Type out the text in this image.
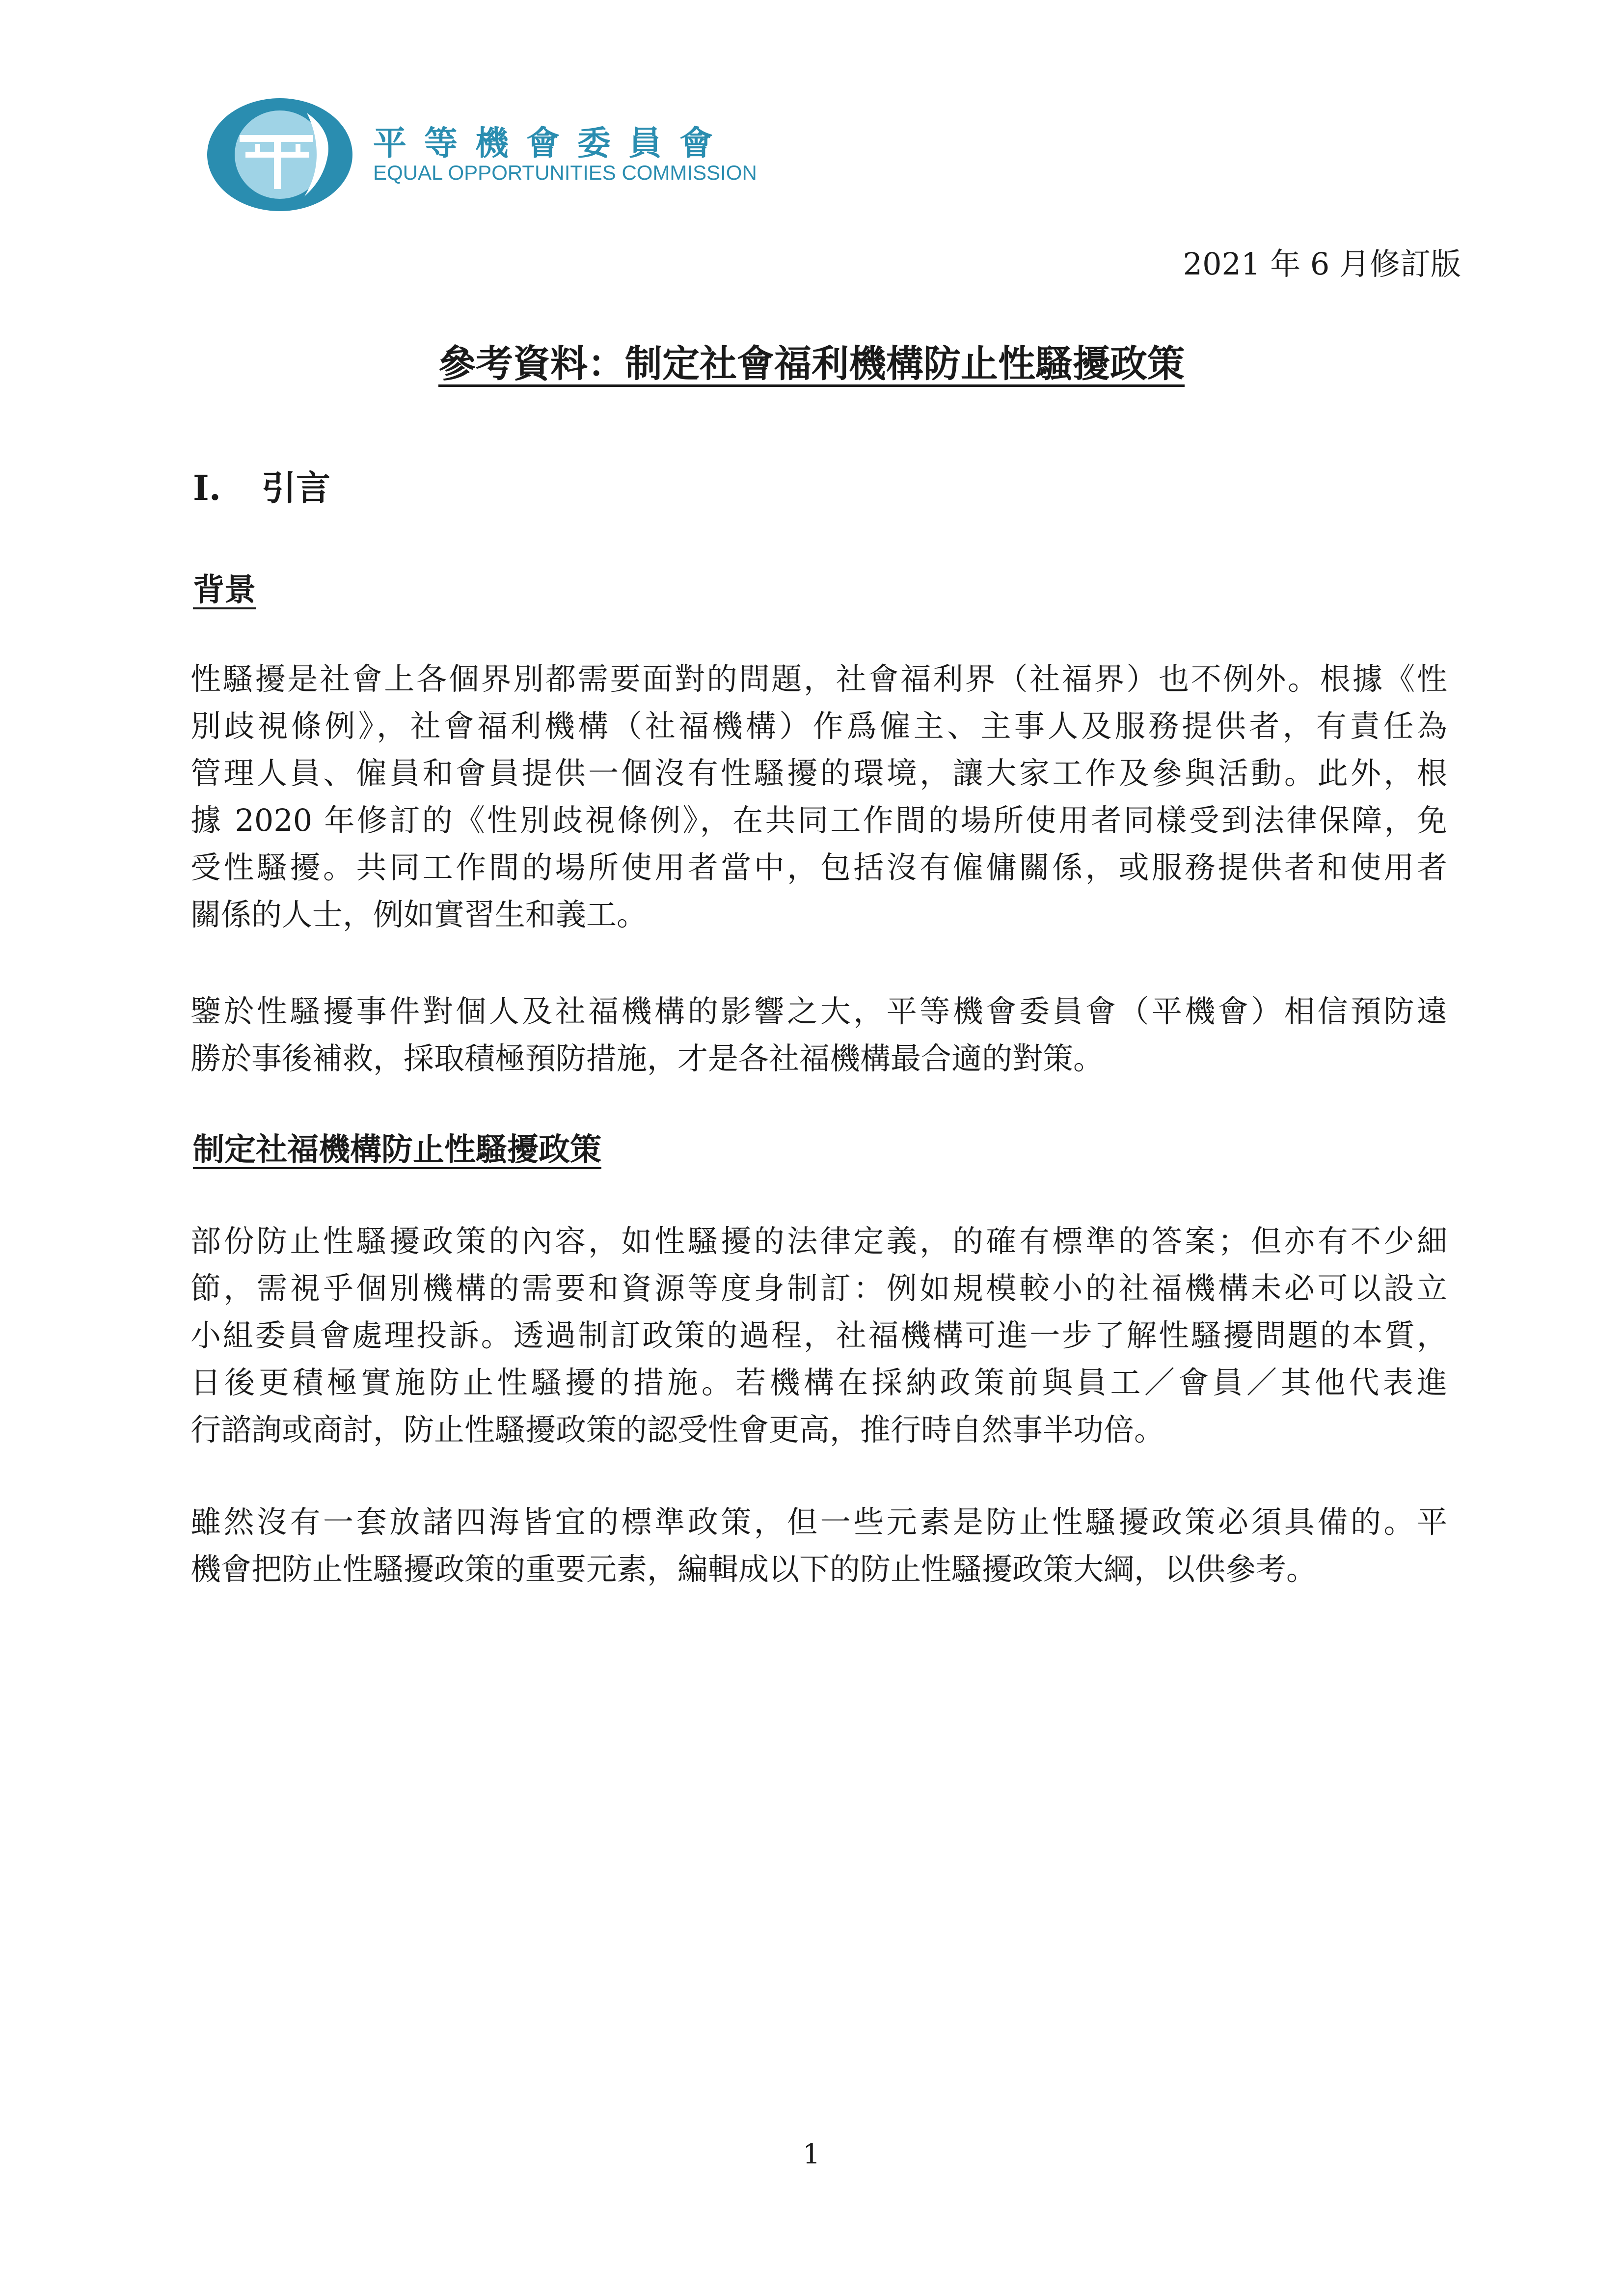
平等機會委員會
EQUAL OPPORTUNITIES COMMISSION
2021 年 6 月修訂版
參考資料：制定社會福利機構防止性騷擾政策
I. 引言
背景
性騷擾是社會上各個界別都需要面對的問題，社會福利界（社福界）也不例外。根據《性
別歧視條例》，社會福利機構（社福機構）作爲僱主、主事人及服務提供者，有責任為
管理人員、僱員和會員提供一個沒有性騷擾的環境，讓大家工作及參與活動。此外，根
據 2020 年修訂的《性別歧視條例》，在共同工作間的場所使用者同樣受到法律保障，免
受性騷擾。共同工作間的場所使用者當中，包括沒有僱傭關係，或服務提供者和使用者
關係的人士，例如實習生和義工。
鑒於性騷擾事件對個人及社福機構的影響之大，平等機會委員會（平機會）相信預防遠
勝於事後補救，採取積極預防措施，才是各社福機構最合適的對策。
制定社福機構防止性騷擾政策
部份防止性騷擾政策的內容，如性騷擾的法律定義，的確有標準的答案；但亦有不少細
節，需視乎個別機構的需要和資源等度身制訂：例如規模較小的社福機構未必可以設立
小組委員會處理投訴。透過制訂政策的過程，社福機構可進一步了解性騷擾問題的本質，
日後更積極實施防止性騷擾的措施。若機構在採納政策前與員工／會員／其他代表進
行諮詢或商討，防止性騷擾政策的認受性會更高，推行時自然事半功倍。
雖然沒有一套放諸四海皆宜的標準政策，但一些元素是防止性騷擾政策必須具備的。平
機會把防止性騷擾政策的重要元素，編輯成以下的防止性騷擾政策大綱，以供參考。
1
